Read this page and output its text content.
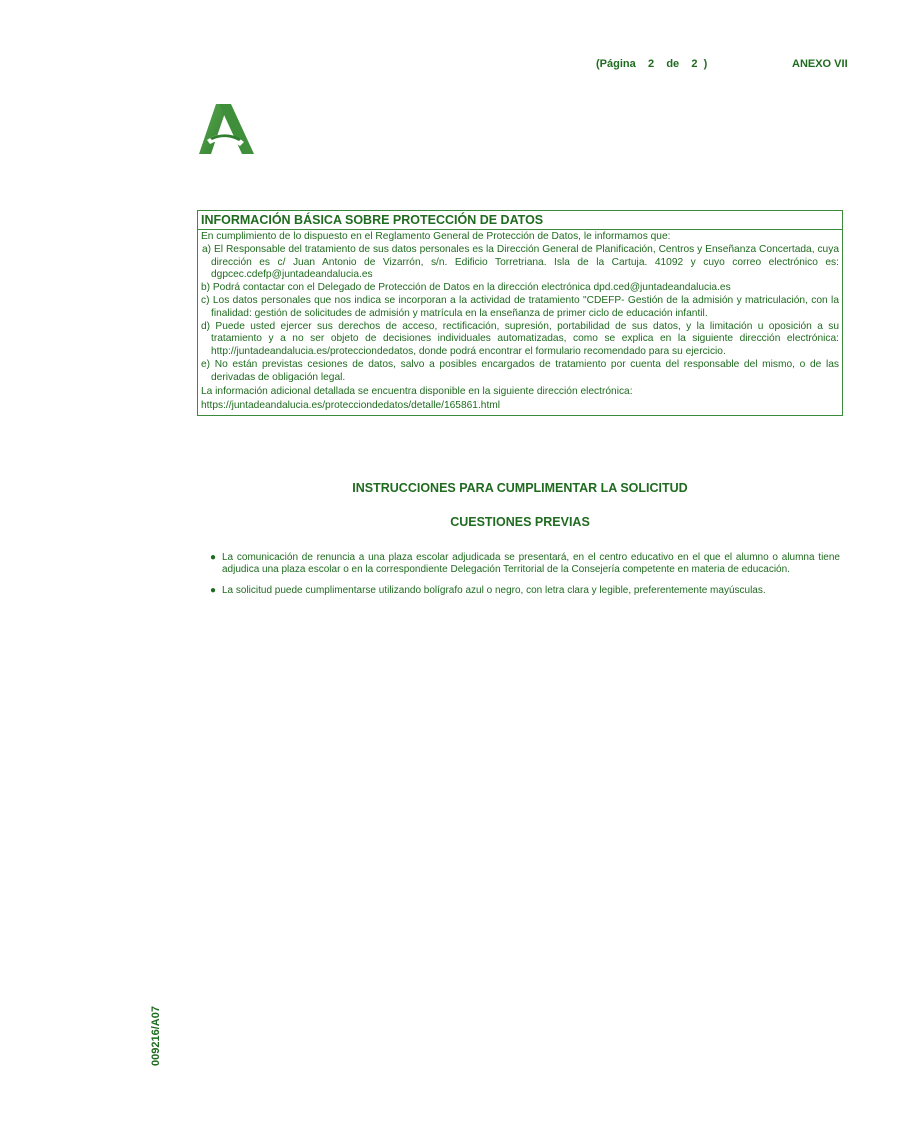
(Página 2 de 2 )	ANEXO VII
INFORMACIÓN BÁSICA SOBRE PROTECCIÓN DE DATOS

En cumplimiento de lo dispuesto en el Reglamento General de Protección de Datos, le informamos que:

a) El Responsable del tratamiento de sus datos personales es la Dirección General de Planificación, Centros y Enseñanza Concertada, cuya dirección es c/ Juan Antonio de Vizarrón, s/n. Edificio Torretriana. Isla de la Cartuja. 41092 y cuyo correo electrónico es: dgpcec.cdefp@juntadeandalucia.es

b) Podrá contactar con el Delegado de Protección de Datos en la dirección electrónica dpd.ced@juntadeandalucia.es

c) Los datos personales que nos indica se incorporan a la actividad de tratamiento "CDEFP- Gestión de la admisión y matriculación, con la finalidad: gestión de solicitudes de admisión y matrícula en la enseñanza de primer ciclo de educación infantil.

d) Puede usted ejercer sus derechos de acceso, rectificación, supresión, portabilidad de sus datos, y la limitación u oposición a su tratamiento y a no ser objeto de decisiones individuales automatizadas, como se explica en la siguiente dirección electrónica: http://juntadeandalucia.es/protecciondedatos, donde podrá encontrar el formulario recomendado para su ejercicio.

e) No están previstas cesiones de datos, salvo a posibles encargados de tratamiento por cuenta del responsable del mismo, o de las derivadas de obligación legal.

La información adicional detallada se encuentra disponible en la siguiente dirección electrónica:

https://juntadeandalucia.es/protecciondedatos/detalle/165861.html

INSTRUCCIONES PARA CUMPLIMENTAR LA SOLICITUD
CUESTIONES PREVIAS
● La comunicación de renuncia a una plaza escolar adjudicada se presentará, en el centro educativo en el que el alumno o alumna tiene adjudica una plaza escolar o en la correspondiente Delegación Territorial de la Consejería competente en materia de educación.
● La solicitud puede cumplimentarse utilizando bolígrafo azul o negro, con letra clara y legible, preferentemente mayúsculas.
009216/A07
